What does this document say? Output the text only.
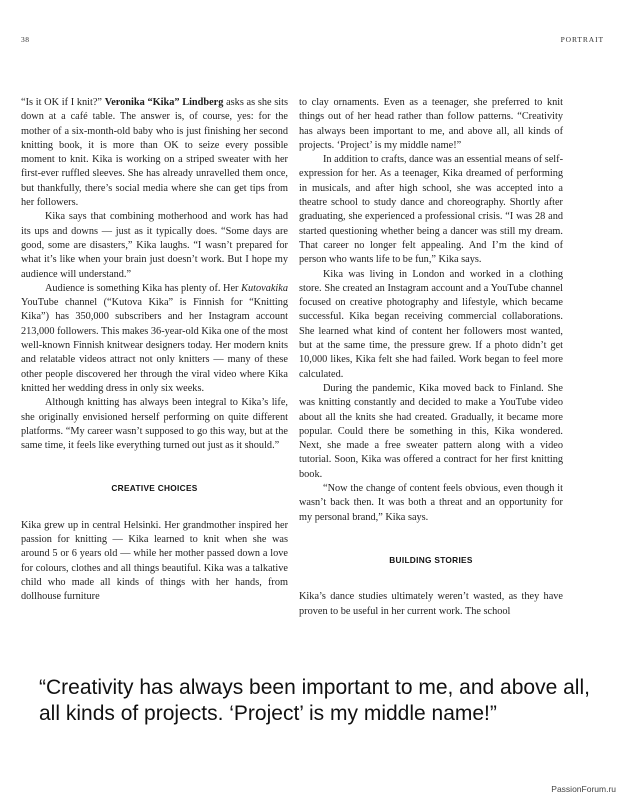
38	PORTRAIT

“Is it OK if I knit?” Veronika “Kika” Lindberg asks as she sits down at a café table. The answer is, of course, yes: for the mother of a six-month-old baby who is just finishing her second knitting book, it is more than OK to seize every possible moment to knit. Kika is working on a striped sweater with her first-ever ruffled sleeves. She has already unravelled them once, but thankfully, there’s social media where she can get tips from her followers.

Kika says that combining motherhood and work has had its ups and downs — just as it typically does. “Some days are good, some are disasters,” Kika laughs. “I wasn’t prepared for what it’s like when your brain just doesn’t work. But I hope my audience will understand.”

Audience is something Kika has plenty of. Her Kutovakika YouTube channel (“Kutova Kika” is Finnish for “Knitting Kika”) has 350,000 subscribers and her Instagram account 213,000 followers. This makes 36-year-old Kika one of the most well-known Finnish knitwear designers today. Her modern knits and relatable videos attract not only knitters — many of these other people discovered her through the viral video where Kika knitted her wedding dress in only six weeks.

Although knitting has always been integral to Kika’s life, she originally envisioned herself performing on quite different platforms. “My career wasn’t supposed to go this way, but at the same time, it feels like everything turned out just as it should.”

CREATIVE CHOICES

Kika grew up in central Helsinki. Her grandmother inspired her passion for knitting — Kika learned to knit when she was around 5 or 6 years old — while her mother passed down a love for colours, clothes and all things beautiful. Kika was a talkative child who made all kinds of things with her hands, from dollhouse furniture

to clay ornaments. Even as a teenager, she preferred to knit things out of her head rather than follow patterns. “Creativity has always been important to me, and above all, all kinds of projects. ‘Project’ is my middle name!”

In addition to crafts, dance was an essential means of self-expression for her. As a teenager, Kika dreamed of performing in musicals, and after high school, she was accepted into a theatre school to study dance and choreography. Shortly after graduating, she experienced a professional crisis. “I was 28 and started questioning whether being a dancer was still my dream. That career no longer felt appealing. And I’m the kind of person who wants life to be fun,” Kika says.

Kika was living in London and worked in a clothing store. She created an Instagram account and a YouTube channel focused on creative photography and lifestyle, which became successful. Kika began receiving commercial collaborations. She learned what kind of content her followers most wanted, but at the same time, the pressure grew. If a photo didn’t get 10,000 likes, Kika felt she had failed. Work began to feel more calculated.

During the pandemic, Kika moved back to Finland. She was knitting constantly and decided to make a YouTube video about all the knits she had created. Gradually, it became more popular. Could there be something in this, Kika wondered. Next, she made a free sweater pattern along with a video tutorial. Soon, Kika was offered a contract for her first knitting book.

“Now the change of content feels obvious, even though it wasn’t back then. It was both a threat and an opportunity for my personal brand,” Kika says.

BUILDING STORIES

Kika’s dance studies ultimately weren’t wasted, as they have proven to be useful in her current work. The school

“Creativity has always been important to me, and above all, all kinds of projects. ‘Project’ is my middle name!”
PassionForum.ru
